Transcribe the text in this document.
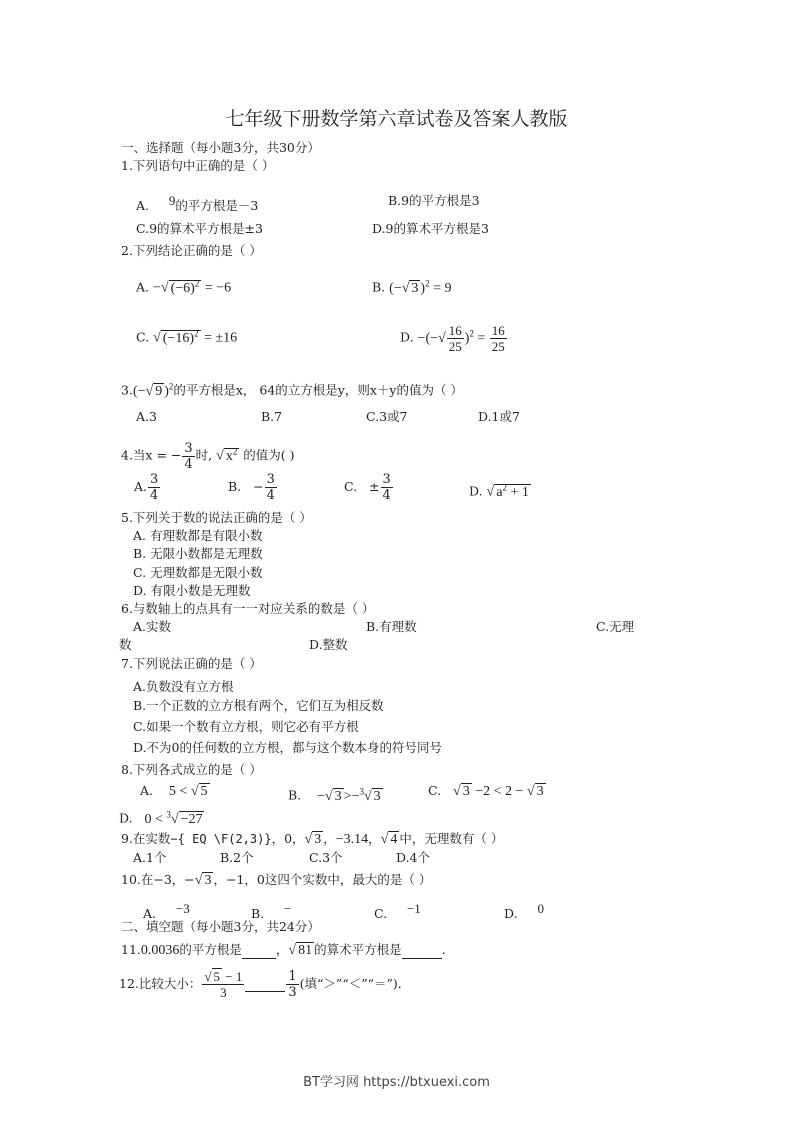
七年级下册数学第六章试卷及答案人教版
一、选择题（每小题3分，共30分）
1.下列语句中正确的是（ ）
A. $^9$的平方根是－3	B.9的平方根是3
C.9的算术平方根是±3	D.9的算术平方根是3
2.下列结论正确的是（ ）
A. −√ $(-6)^2 = -6$	B. (−√ 3 )$^2$ = 9
C. √ $(-16)^2 = \pm 16$	D. −(−√ $\frac{16}{25} )^2 = \frac{16}{25}$
3.(−√ 9 )$^2$的平方根是x， 64的立方根是y，则x＋y的值为（ ）
A.3	B.7	C.3或7	D.1或7
4.当x = − $\frac{3}{4}$ 时, √ $x^2$ 的值为( )
A. $\frac{3}{4}$	B. − $\frac{3}{4}$	C. ± $\frac{3}{4}$	D. √ $a^2 + 1$
5.下列关于数的说法正确的是（ ）
A. 有理数都是有限小数
B. 无限小数都是无理数
C. 无理数都是无限小数
D. 有限小数是无理数
6.与数轴上的点具有一一对应关系的数是（ ）
A.实数	B.有理数	C.无理
数	D.整数
7.下列说法正确的是（ ）
A.负数没有立方根
B.一个正数的立方根有两个，它们互为相反数
C.如果一个数有立方根，则它必有平方根
D.不为0的任何数的立方根，都与这个数本身的符号同号
8.下列各式成立的是（ ）
A. 5 < √ 5	B. −√ 3 >−$^3$√ 3	C. √ 3 −2 < 2 − √ 3
D. 0 < $^3$√ −27
9.在实数−{ EQ \F(2,3)}，0，√ 3 ，−3.14，√ 4 中，无理数有（ ）
A.1个	B.2个	C.3个	D.4个
10.在−3，−√ 3 ，−1，0这四个实数中，最大的是（ ）
A. $^{-3}$	B. −	C. $^{-1}$	D. $^0$
二、填空题（每小题3分，共24分）
11.0.0036的平方根是	，√ 81 的算术平方根是	.
12.比较大小： $\frac{√ 5 - 1}{3}$	$\frac{1}{3}$ (填“＞”“＜”“＝”)．
BT学习网 https://btxuexi.com
